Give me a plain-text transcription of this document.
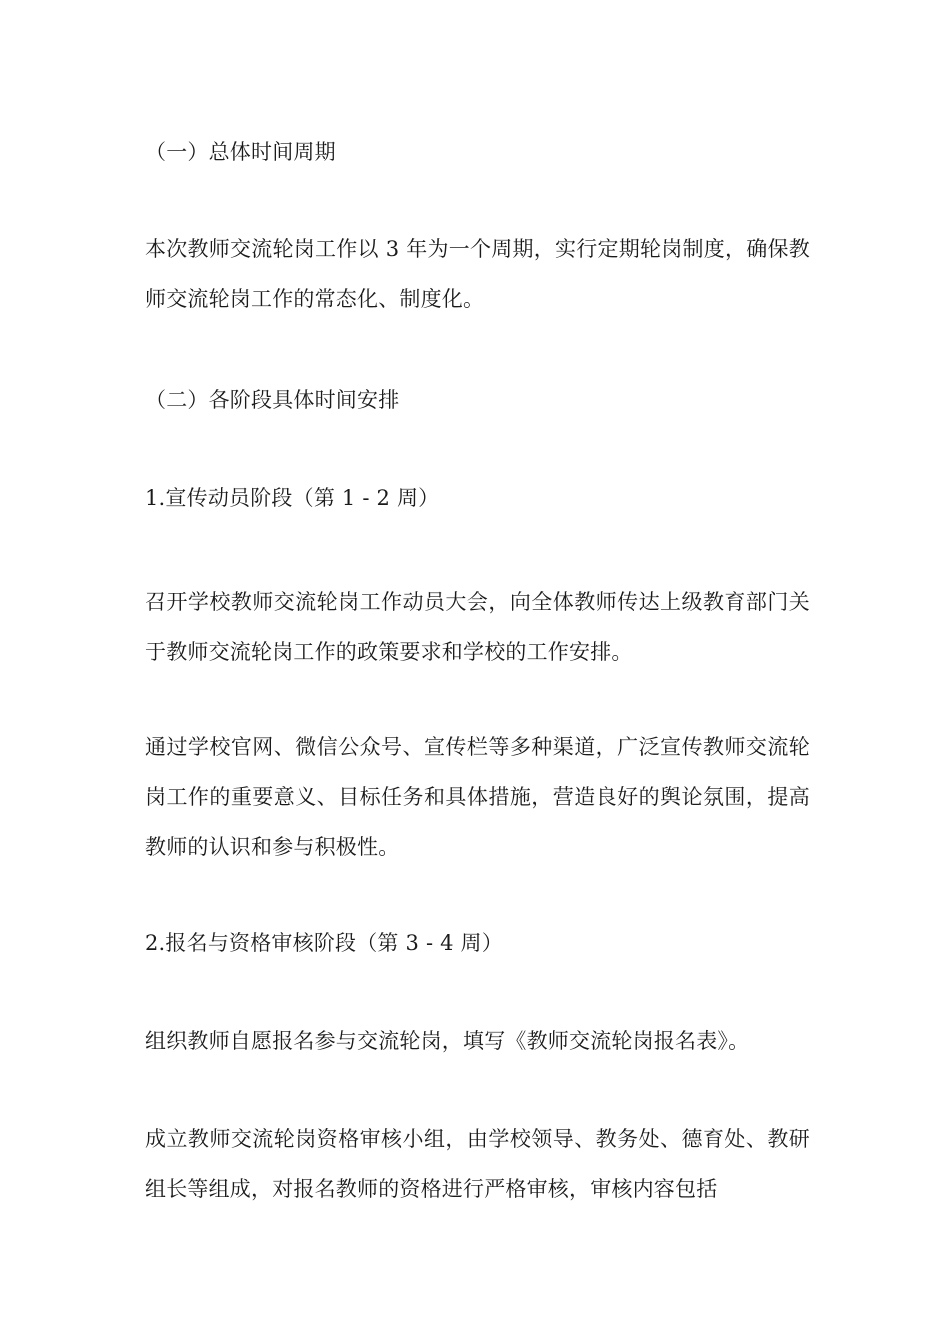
（一）总体时间周期

本次教师交流轮岗工作以 3 年为一个周期，实行定期轮岗制度，确保教师交流轮岗工作的常态化、制度化。

（二）各阶段具体时间安排

1.宣传动员阶段（第 1 - 2 周）

召开学校教师交流轮岗工作动员大会，向全体教师传达上级教育部门关于教师交流轮岗工作的政策要求和学校的工作安排。

通过学校官网、微信公众号、宣传栏等多种渠道，广泛宣传教师交流轮岗工作的重要意义、目标任务和具体措施，营造良好的舆论氛围，提高教师的认识和参与积极性。

2.报名与资格审核阶段（第 3 - 4 周）

组织教师自愿报名参与交流轮岗，填写《教师交流轮岗报名表》。

成立教师交流轮岗资格审核小组，由学校领导、教务处、德育处、教研组长等组成，对报名教师的资格进行严格审核，审核内容包括
